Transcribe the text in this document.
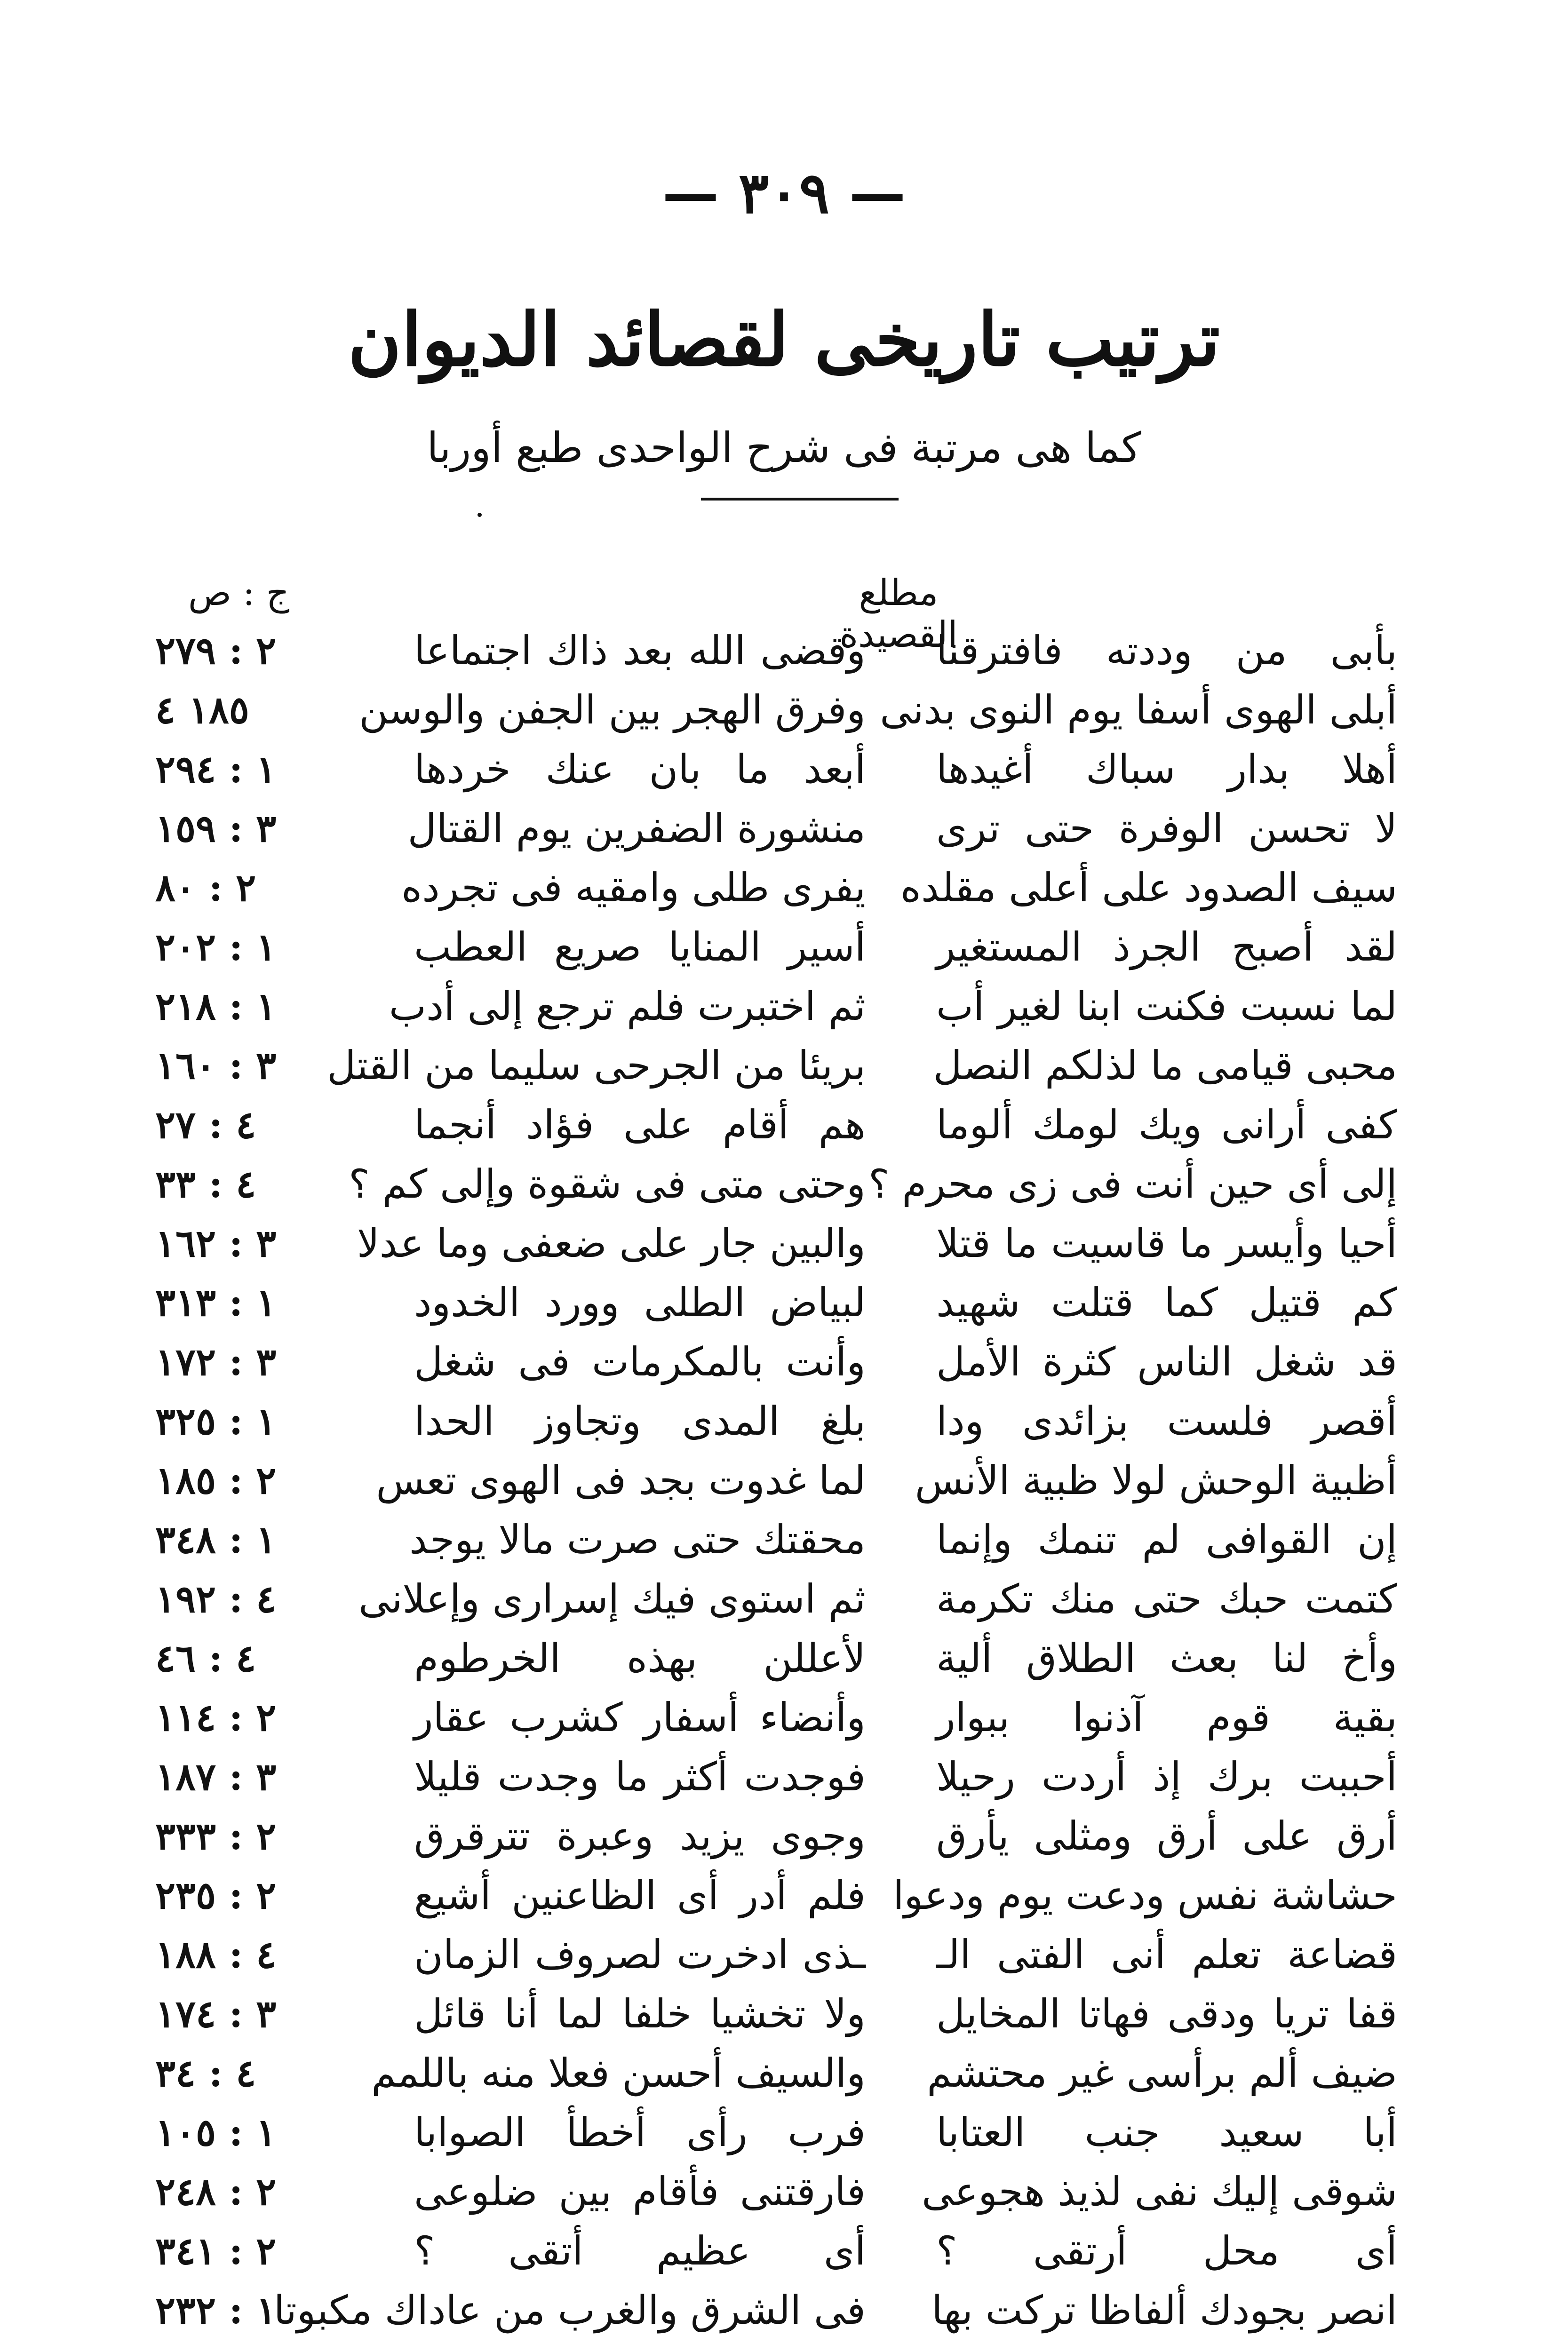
— ٣٠٩ —
ترتيب تاريخى لقصائد الديوان
كما هى مرتبة فى شرح الواحدى طبع أوربا
مطلع القصيدة
ج : ص
بأبى من وددته فافترقنا
وقضى الله بعد ذاك اجتماعا
٢ : ٢٧٩
أبلى الهوى أسفا يوم النوى بدنى
وفرق الهجر بين الجفن والوسن
١٨٥ ٤
أهلا بدار سباك أغيدها
أبعد ما بان عنك خردها
١ : ٢٩٤
لا تحسن الوفرة حتى ترى
منشورة الضفرين يوم القتال
٣ : ١٥٩
سيف الصدود على أعلى مقلده
يفرى طلى وامقيه فى تجرده
٢ : ٨٠
لقد أصبح الجرذ المستغير
أسير المنايا صريع العطب
١ : ٢٠٢
لما نسبت فكنت ابنا لغير أب
ثم اختبرت فلم ترجع إلى أدب
١ : ٢١٨
محبى قيامى ما لذلكم النصل
بريئا من الجرحى سليما من القتل
٣ : ١٦٠
كفى أرانى ويك لومك ألوما
هم أقام على فؤاد أنجما
٤ : ٢٧
إلى أى حين أنت فى زى محرم ؟
وحتى متى فى شقوة وإلى كم ؟
٤ : ٣٣
أحيا وأيسر ما قاسيت ما قتلا
والبين جار على ضعفى وما عدلا
٣ : ١٦٢
كم قتيل كما قتلت شهيد
لبياض الطلى وورد الخدود
١ : ٣١٣
قد شغل الناس كثرة الأمل
وأنت بالمكرمات فى شغل
٣ : ١٧٢
أقصر فلست بزائدى ودا
بلغ المدى وتجاوز الحدا
١ : ٣٢٥
أظبية الوحش لولا ظبية الأنس
لما غدوت بجد فى الهوى تعس
٢ : ١٨٥
إن القوافى لم تنمك وإنما
محقتك حتى صرت مالا يوجد
١ : ٣٤٨
كتمت حبك حتى منك تكرمة
ثم استوى فيك إسرارى وإعلانى
٤ : ١٩٢
وأخ لنا بعث الطلاق ألية
لأعللن بهذه الخرطوم
٤ : ٤٦
بقية قوم آذنوا ببوار
وأنضاء أسفار كشرب عقار
٢ : ١١٤
أحببت برك إذ أردت رحيلا
فوجدت أكثر ما وجدت قليلا
٣ : ١٨٧
أرق على أرق ومثلى يأرق
وجوى يزيد وعبرة تترقرق
٢ : ٣٣٣
حشاشة نفس ودعت يوم ودعوا
فلم أدر أى الظاعنين أشيع
٢ : ٢٣٥
قضاعة تعلم أنى الفتى الـ
ـذى ادخرت لصروف الزمان
٤ : ١٨٨
قفا تريا ودقى فهاتا المخايل
ولا تخشيا خلفا لما أنا قائل
٣ : ١٧٤
ضيف ألم برأسى غير محتشم
والسيف أحسن فعلا منه باللمم
٤ : ٣٤
أبا سعيد جنب العتابا
فرب رأى أخطأ الصوابا
١ : ١٠٥
شوقى إليك نفى لذيذ هجوعى
فارقتنى فأقام بين ضلوعى
٢ : ٢٤٨
أى محل أرتقى ؟
أى عظيم أتقى ؟
٢ : ٣٤١
انصر بجودك ألفاظا تركت بها
فى الشرق والغرب من عاداك مكبوتا
١ : ٢٣٢
